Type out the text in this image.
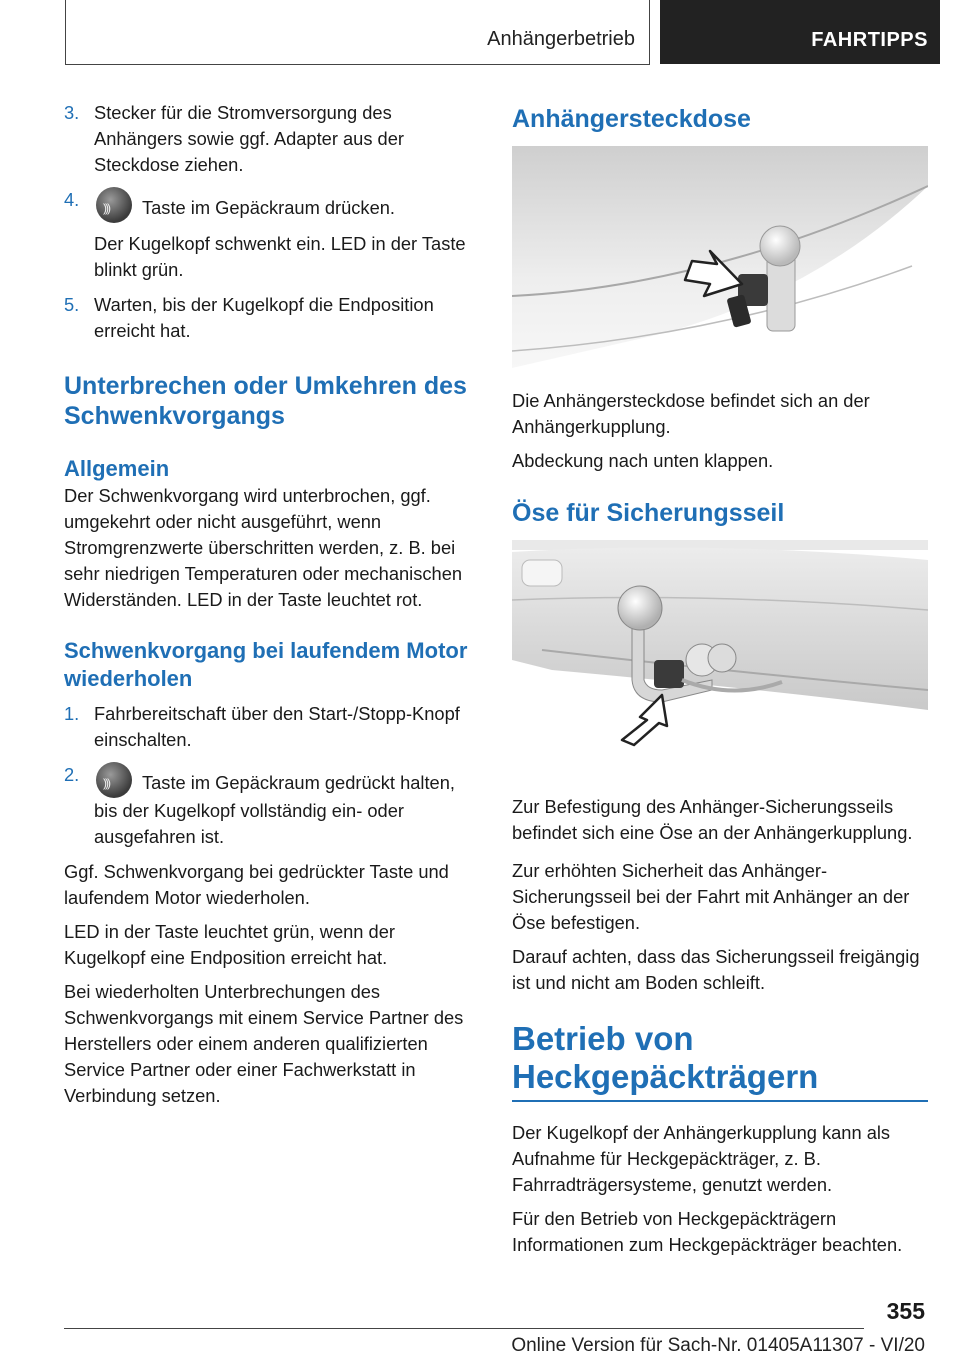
Anhängerbetrieb	FAHRTIPPS
3. Stecker für die Stromversorgung des Anhängers sowie ggf. Adapter aus der Steckdose ziehen.
4. )))	Taste im Gepäckraum drücken.
Der Kugelkopf schwenkt ein. LED in der Taste blinkt grün.
5. Warten, bis der Kugelkopf die Endposition erreicht hat.
Unterbrechen oder Umkehren des Schwenkvorgangs
Allgemein

Der Schwenkvorgang wird unterbrochen, ggf. umgekehrt oder nicht ausgeführt, wenn Stromgrenzwerte überschritten werden, z. B. bei sehr niedrigen Temperaturen oder mechanischen Widerständen. LED in der Taste leuchtet rot.

Schwenkvorgang bei laufendem Motor wiederholen
1. Fahrbereitschaft über den Start-/Stopp-Knopf einschalten.
2. )))	Taste im Gepäckraum gedrückt halten, bis der Kugelkopf vollständig ein- oder ausgefahren ist.

Ggf. Schwenkvorgang bei gedrückter Taste und laufendem Motor wiederholen.

LED in der Taste leuchtet grün, wenn der Kugelkopf eine Endposition erreicht hat.

Bei wiederholten Unterbrechungen des Schwenkvorgangs mit einem Service Partner des Herstellers oder einem anderen qualifizierten Service Partner oder einer Fachwerkstatt in Verbindung setzen.

Anhängersteckdose

Die Anhängersteckdose befindet sich an der Anhängerkupplung.

Abdeckung nach unten klappen.

Öse für Sicherungsseil

Zur Befestigung des Anhänger-Sicherungsseils befindet sich eine Öse an der Anhängerkupplung.

Zur erhöhten Sicherheit das Anhänger-Sicherungsseil bei der Fahrt mit Anhänger an der Öse befestigen.

Darauf achten, dass das Sicherungsseil freigängig ist und nicht am Boden schleift.

Betrieb von Heckgepäckträgern

Der Kugelkopf der Anhängerkupplung kann als Aufnahme für Heckgepäckträger, z. B. Fahrradträgersysteme, genutzt werden.

Für den Betrieb von Heckgepäckträgern Informationen zum Heckgepäckträger beachten.

355
Online Version für Sach-Nr. 01405A11307 - VI/20
